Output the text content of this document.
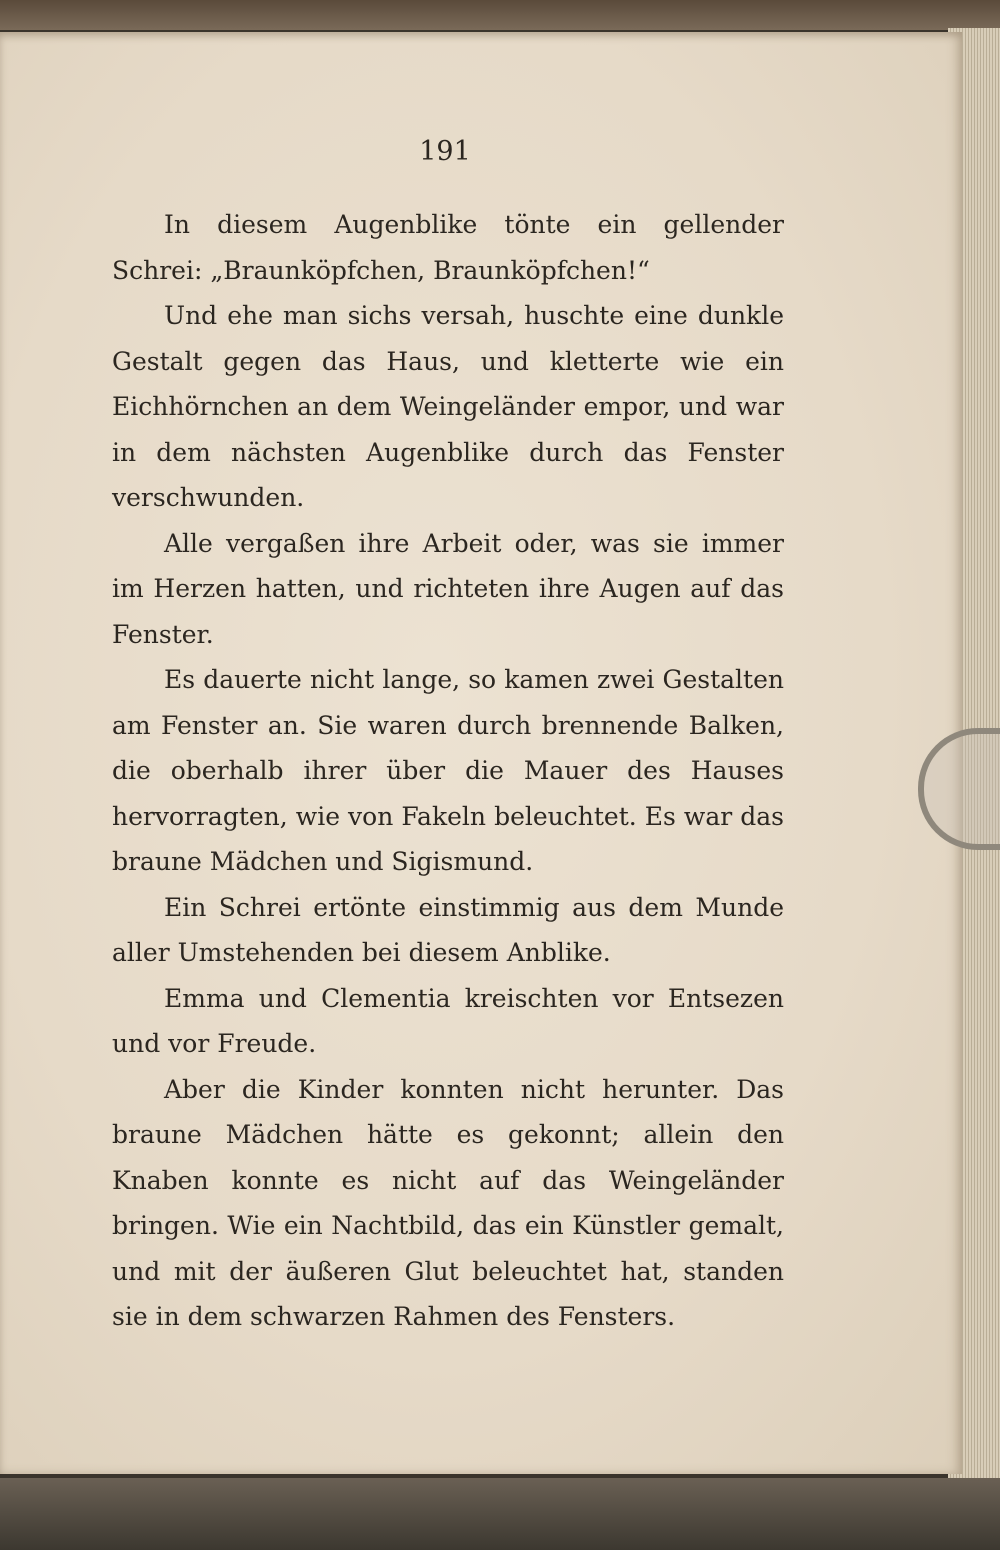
191

In diesem Augenblike tönte ein gellender Schrei: „Braunköpfchen, Braunköpfchen!“

Und ehe man sichs versah, huschte eine dunkle Gestalt gegen das Haus, und kletterte wie ein Eichhörnchen an dem Weingeländer empor, und war in dem nächsten Augenblike durch das Fenster verschwunden.

Alle vergaßen ihre Arbeit oder, was sie immer im Herzen hatten, und richteten ihre Augen auf das Fenster.

Es dauerte nicht lange, so kamen zwei Gestalten am Fenster an. Sie waren durch brennende Balken, die oberhalb ihrer über die Mauer des Hauses hervorragten, wie von Fakeln beleuchtet. Es war das braune Mädchen und Sigismund.

Ein Schrei ertönte einstimmig aus dem Munde aller Umstehenden bei diesem Anblike.

Emma und Clementia kreischten vor Entsezen und vor Freude.

Aber die Kinder konnten nicht herunter. Das braune Mädchen hätte es gekonnt; allein den Knaben konnte es nicht auf das Weingeländer bringen. Wie ein Nachtbild, das ein Künstler gemalt, und mit der äußeren Glut beleuchtet hat, standen sie in dem schwarzen Rahmen des Fensters.
